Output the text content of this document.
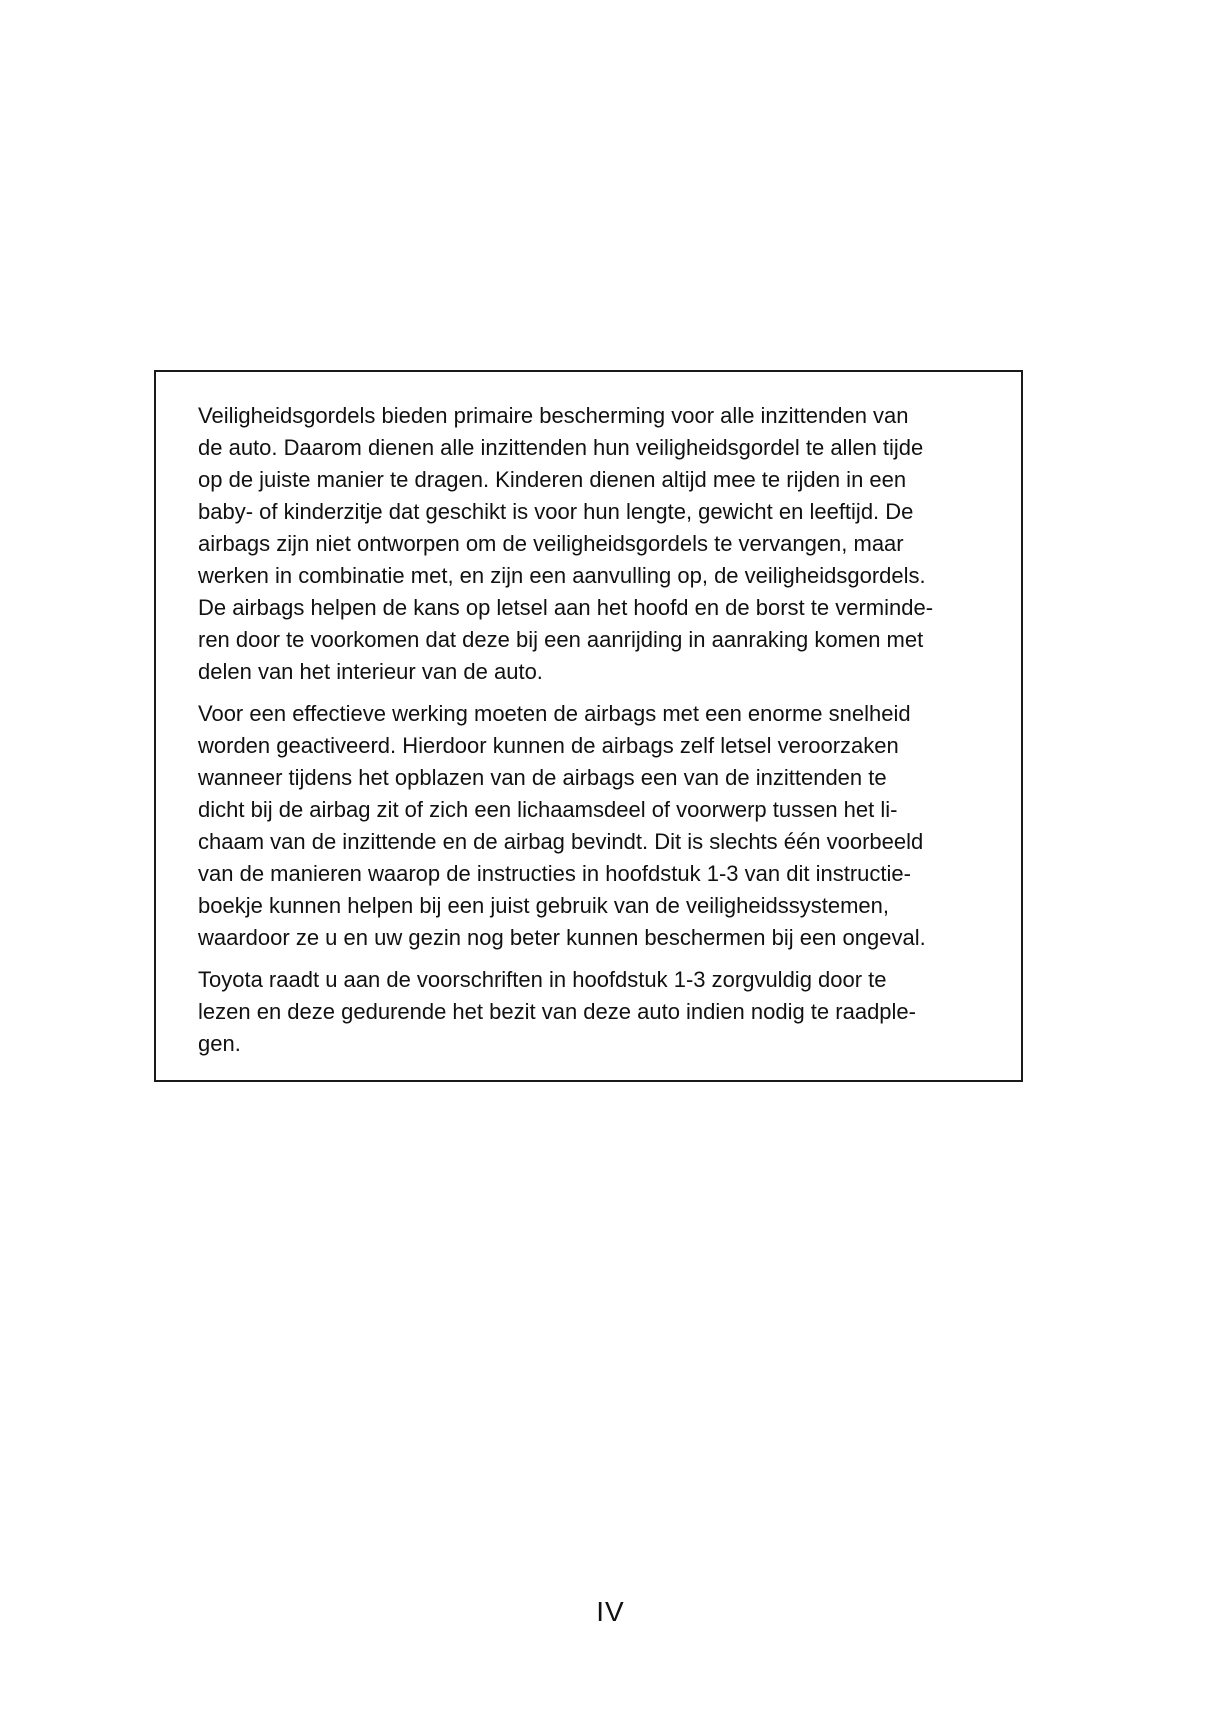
Veiligheidsgordels bieden primaire bescherming voor alle inzittenden van
de auto. Daarom dienen alle inzittenden hun veiligheidsgordel te allen tijde
op de juiste manier te dragen. Kinderen dienen altijd mee te rijden in een
baby- of kinderzitje dat geschikt is voor hun lengte, gewicht en leeftijd. De
airbags zijn niet ontworpen om de veiligheidsgordels te vervangen, maar
werken in combinatie met, en zijn een aanvulling op, de veiligheidsgordels.
De airbags helpen de kans op letsel aan het hoofd en de borst te verminde-
ren door te voorkomen dat deze bij een aanrijding in aanraking komen met
delen van het interieur van de auto.

Voor een effectieve werking moeten de airbags met een enorme snelheid
worden geactiveerd. Hierdoor kunnen de airbags zelf letsel veroorzaken
wanneer tijdens het opblazen van de airbags een van de inzittenden te
dicht bij de airbag zit of zich een lichaamsdeel of voorwerp tussen het li-
chaam van de inzittende en de airbag bevindt. Dit is slechts één voorbeeld
van de manieren waarop de instructies in hoofdstuk 1-3 van dit instructie-
boekje kunnen helpen bij een juist gebruik van de veiligheidssystemen,
waardoor ze u en uw gezin nog beter kunnen beschermen bij een ongeval.

Toyota raadt u aan de voorschriften in hoofdstuk 1-3 zorgvuldig door te
lezen en deze gedurende het bezit van deze auto indien nodig te raadple-
gen.

IV
